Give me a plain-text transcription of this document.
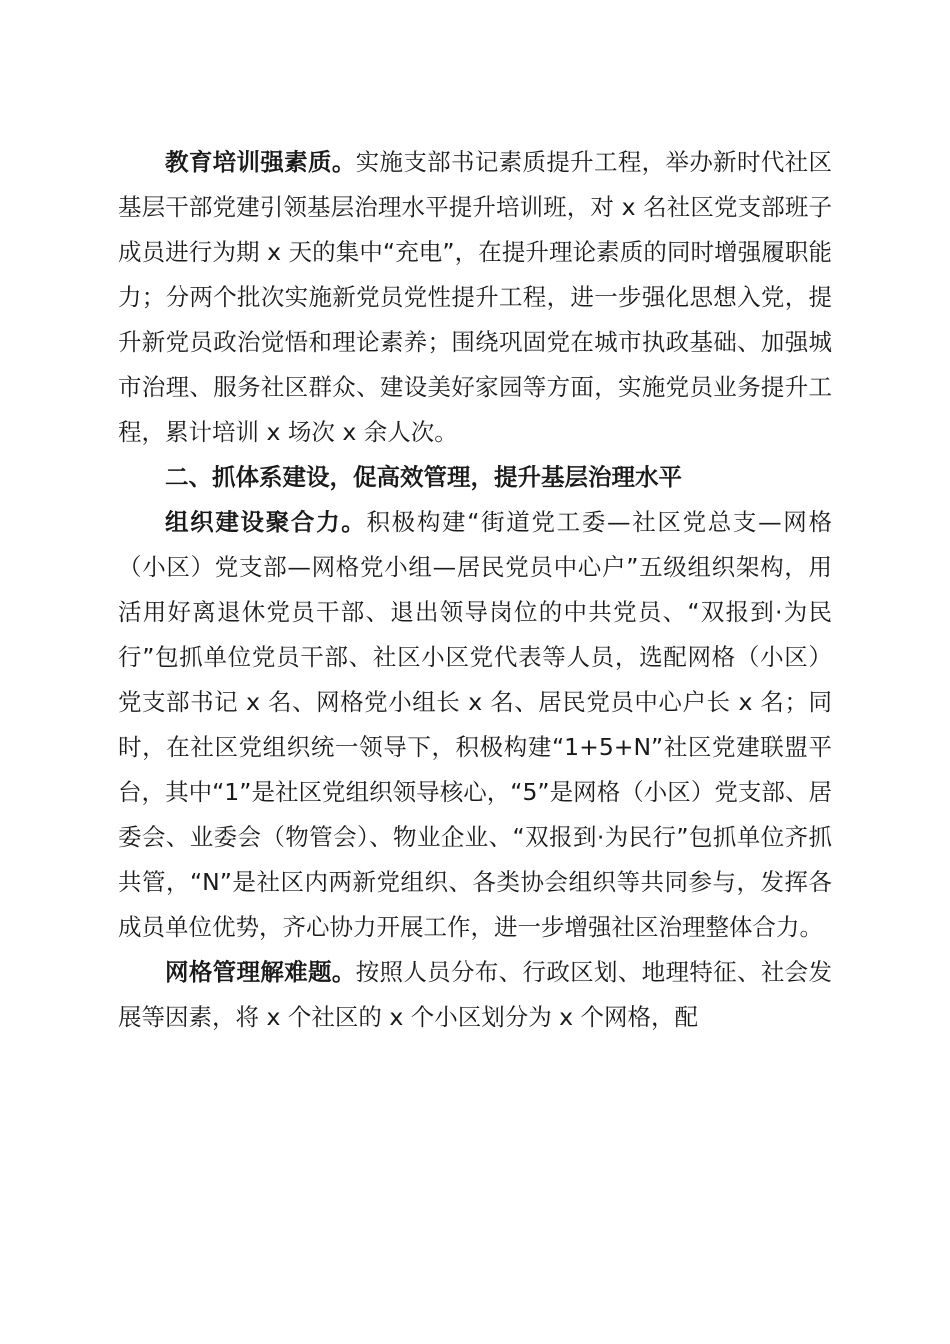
教育培训强素质。实施支部书记素质提升工程，举办新时代社区基层干部党建引领基层治理水平提升培训班，对 x 名社区党支部班子成员进行为期 x 天的集中“充电”，在提升理论素质的同时增强履职能力；分两个批次实施新党员党性提升工程，进一步强化思想入党，提升新党员政治觉悟和理论素养；围绕巩固党在城市执政基础、加强城市治理、服务社区群众、建设美好家园等方面，实施党员业务提升工程，累计培训 x 场次 x 余人次。

二、抓体系建设，促高效管理，提升基层治理水平

组织建设聚合力。积极构建“街道党工委—社区党总支—网格（小区）党支部—网格党小组—居民党员中心户”五级组织架构，用活用好离退休党员干部、退出领导岗位的中共党员、“双报到·为民行”包抓单位党员干部、社区小区党代表等人员，选配网格（小区）党支部书记 x 名、网格党小组长 x 名、居民党员中心户长 x 名；同时，在社区党组织统一领导下，积极构建“1+5+N”社区党建联盟平台，其中“1”是社区党组织领导核心，“5”是网格（小区）党支部、居委会、业委会（物管会）、物业企业、“双报到·为民行”包抓单位齐抓共管，“N”是社区内两新党组织、各类协会组织等共同参与，发挥各成员单位优势，齐心协力开展工作，进一步增强社区治理整体合力。

网格管理解难题。按照人员分布、行政区划、地理特征、社会发展等因素，将 x 个社区的 x 个小区划分为 x 个网格，配
